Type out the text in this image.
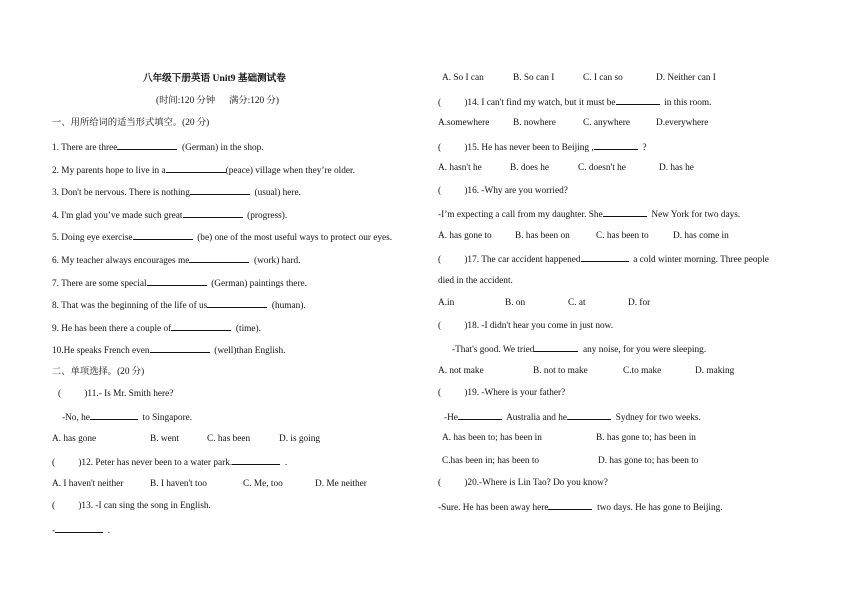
八年级下册英语 Unit9 基础测试卷
(时间:120 分钟      满分:120 分)
一、用所给词的适当形式填空。(20 分)
1. There are three	(German) in the shop.
2. My parents hope to live in a	(peace) village when they’re older.
3. Don't be nervous. There is nothing	(usual) here.
4. I'm glad you’ve made such great	(progress).
5. Doing eye exercise	(be) one of the most useful ways to protect our eyes.
6. My teacher always encourages me	(work) hard.
7. There are some special	(German) paintings there.
8. That was the beginning of the life of us	(human).
9. He has been there a couple of	(time).
10.He speaks French even	(well)than English.
二、单项选择。(20 分)
(          )11.- Is Mr. Smith here?
-No, he	to Singapore.
A. has gone	B. went	C. has been	D. is going
(          )12. Peter has never been to a water park.	.
A. I haven't neither	B. I haven't too	C. Me, too	D. Me neither
(          )13. -I can sing the song in English.
-	.
A. So I can	B. So can I	C. I can so	D. Neither can I
(          )14. I can't find my watch, but it must be	in this room.
A.somewhere	B. nowhere	C. anywhere	D.everywhere
(          )15. He has never been to Beijing ,	?
A. hasn't he	B. does he	C. doesn't he	D. has he
(          )16. -Why are you worried?
-I’m expecting a call from my daughter. She	New York for two days.
A. has gone to	B. has been on	C. has been to	D. has come in
(          )17. The car accident happened	a cold winter morning. Three people
died in the accident.
A.in	B. on	C. at	D. for
(          )18. -I didn't hear you come in just now.
-That's good. We tried	any noise, for you were sleeping.
A. not make	B. not to make	C.to make	D. making
(          )19. -Where is your father?
-He	Australia and he	Sydney for two weeks.
A. has been to; has been in	B. has gone to; has been in
C.has been in; has been to	D. has gone to; has been to
(          )20.-Where is Lin Tao? Do you know?
-Sure. He has been away here	two days. He has gone to Beijing.
